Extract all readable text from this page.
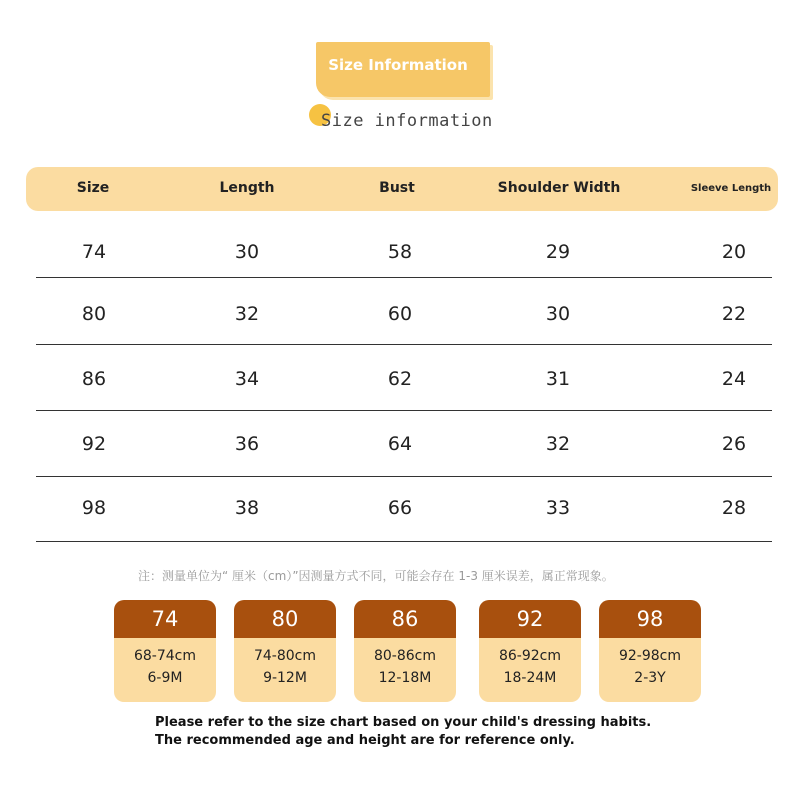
Size Information
Size information
Size	Length	Bust	Shoulder Width	Sleeve Length
74	30	58	29	20
80	32	60	30	22
86	34	62	31	24
92	36	64	32	26
98	38	66	33	28
注：测量单位为“ 厘米（cm）”因测量方式不同，可能会存在 1-3 厘米误差，属正常现象。
74
68-74cm
6-9M
80
74-80cm
9-12M
86
80-86cm
12-18M
92
86-92cm
18-24M
98
92-98cm
2-3Y
Please refer to the size chart based on your child's dressing habits. The recommended age and height are for reference only.
